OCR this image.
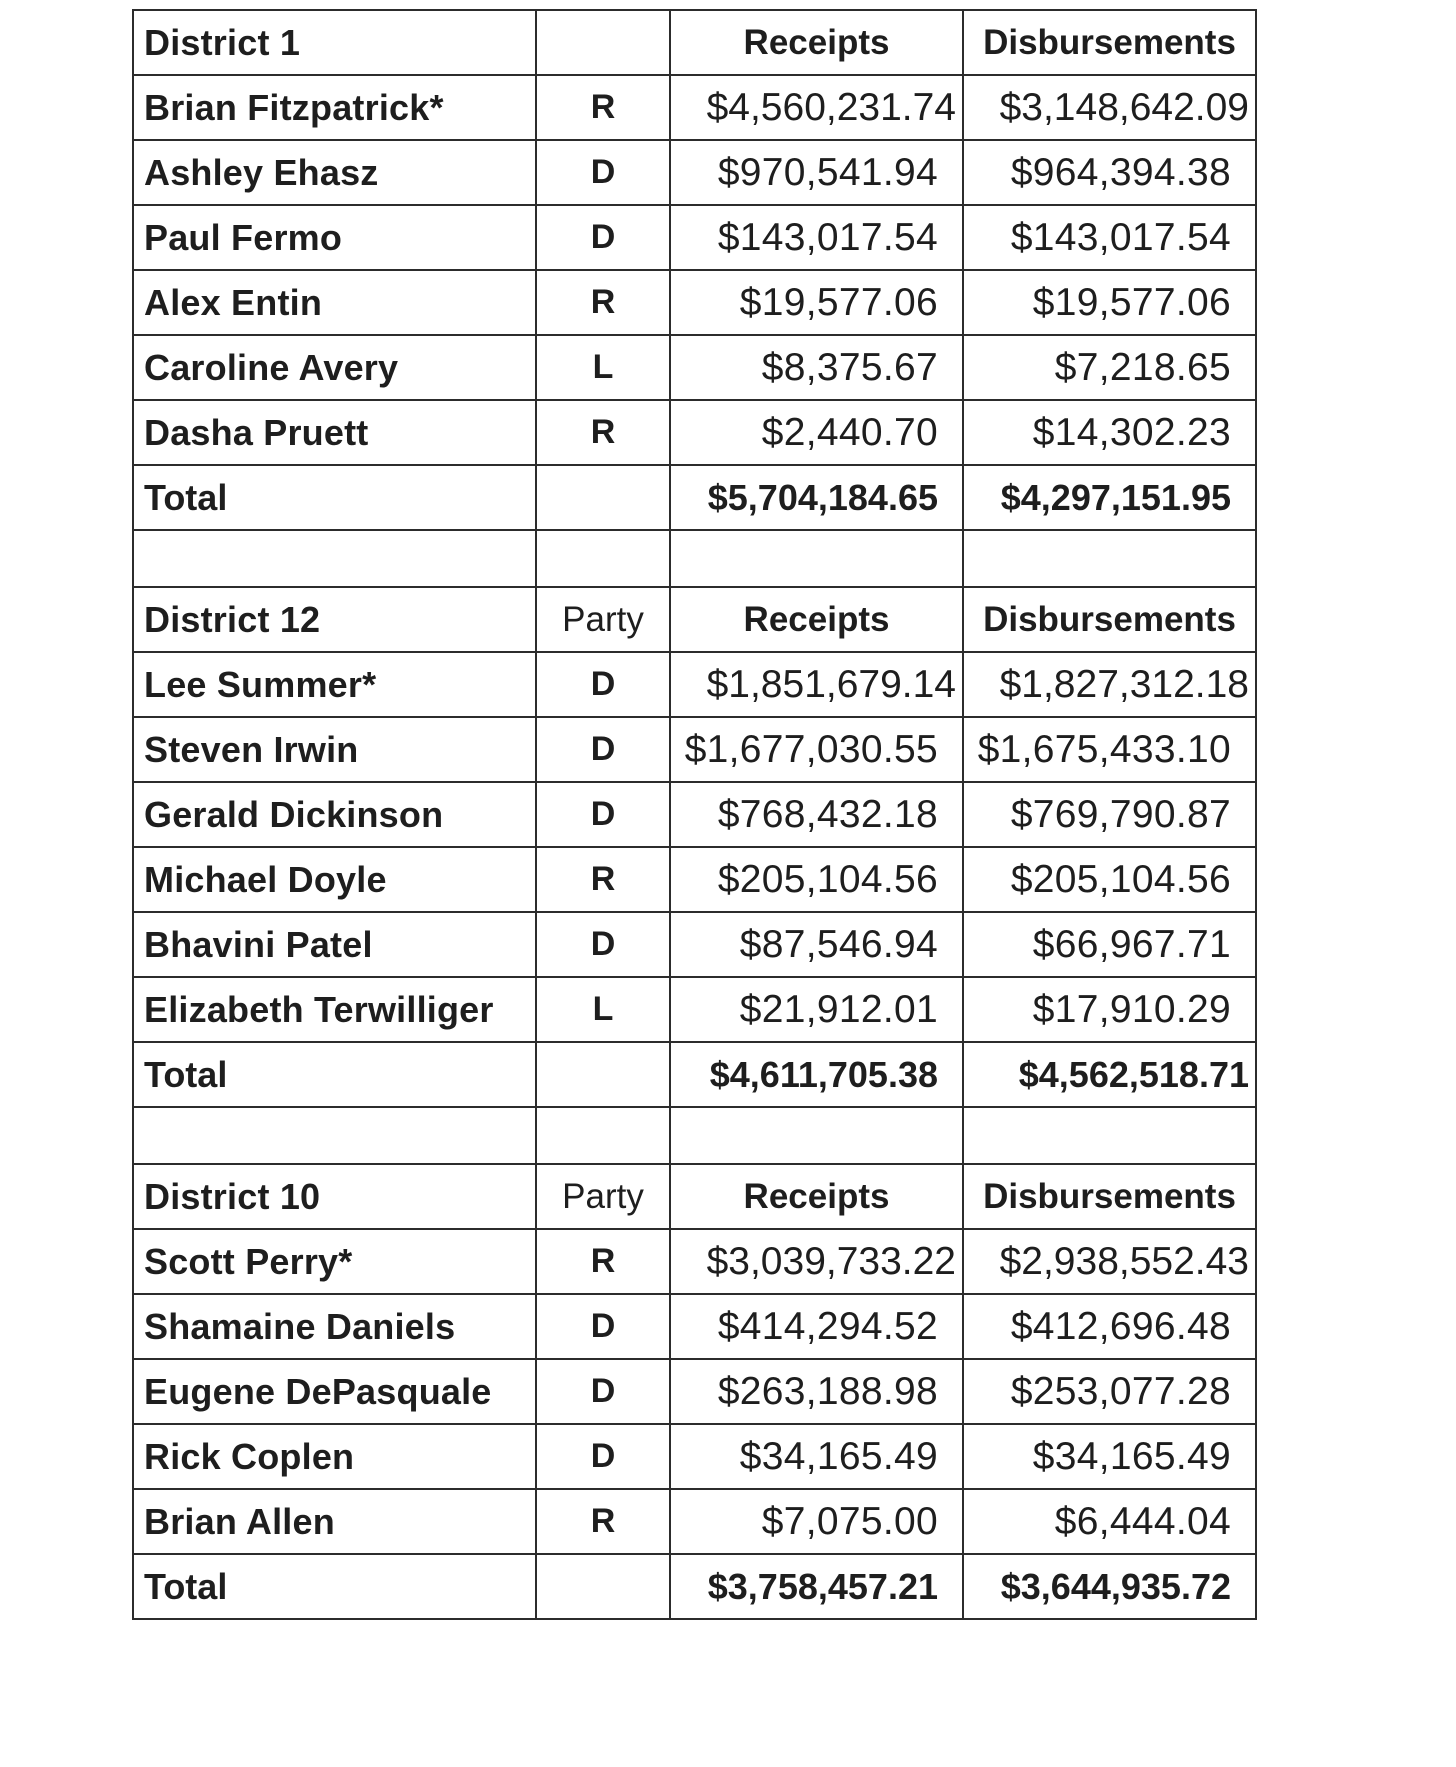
District 1		Receipts	Disbursements
Brian Fitzpatrick*	R	$4,560,231.74	$3,148,642.09
Ashley Ehasz	D	$970,541.94	$964,394.38
Paul Fermo	D	$143,017.54	$143,017.54
Alex Entin	R	$19,577.06	$19,577.06
Caroline Avery	L	$8,375.67	$7,218.65
Dasha Pruett	R	$2,440.70	$14,302.23
Total		$5,704,184.65	$4,297,151.95

District 12	Party	Receipts	Disbursements
Lee Summer*	D	$1,851,679.14	$1,827,312.18
Steven Irwin	D	$1,677,030.55	$1,675,433.10
Gerald Dickinson	D	$768,432.18	$769,790.87
Michael Doyle	R	$205,104.56	$205,104.56
Bhavini Patel	D	$87,546.94	$66,967.71
Elizabeth Terwilliger	L	$21,912.01	$17,910.29
Total		$4,611,705.38	$4,562,518.71

District 10	Party	Receipts	Disbursements
Scott Perry*	R	$3,039,733.22	$2,938,552.43
Shamaine Daniels	D	$414,294.52	$412,696.48
Eugene DePasquale	D	$263,188.98	$253,077.28
Rick Coplen	D	$34,165.49	$34,165.49
Brian Allen	R	$7,075.00	$6,444.04
Total		$3,758,457.21	$3,644,935.72
